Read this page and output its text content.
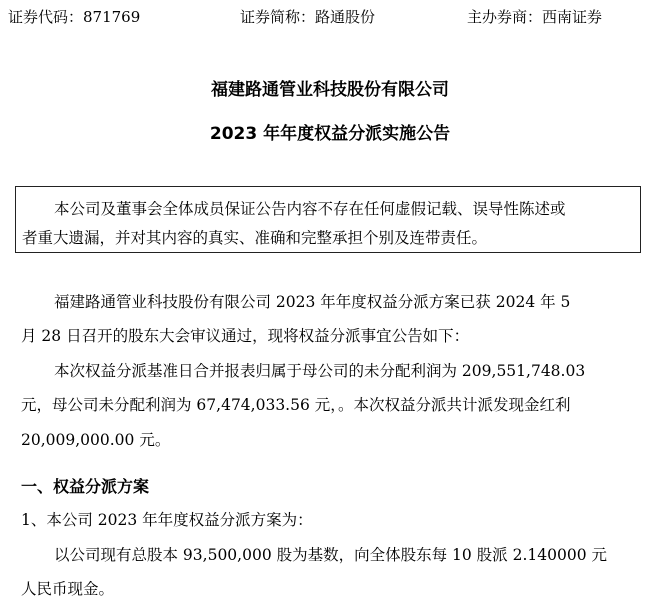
证券代码：871769	证券简称：路通股份	主办券商：西南证券
福建路通管业科技股份有限公司
2023 年年度权益分派实施公告
本公司及董事会全体成员保证公告内容不存在任何虚假记载、误导性陈述或
者重大遗漏，并对其内容的真实、准确和完整承担个别及连带责任。
福建路通管业科技股份有限公司 2023 年年度权益分派方案已获 2024 年 5
月 28 日召开的股东大会审议通过，现将权益分派事宜公告如下：
本次权益分派基准日合并报表归属于母公司的未分配利润为 209,551,748.03
元，母公司未分配利润为 67,474,033.56 元，。本次权益分派共计派发现金红利
20,009,000.00 元。
一、权益分派方案
1、本公司 2023 年年度权益分派方案为：
以公司现有总股本 93,500,000 股为基数，向全体股东每 10 股派 2.140000 元
人民币现金。
